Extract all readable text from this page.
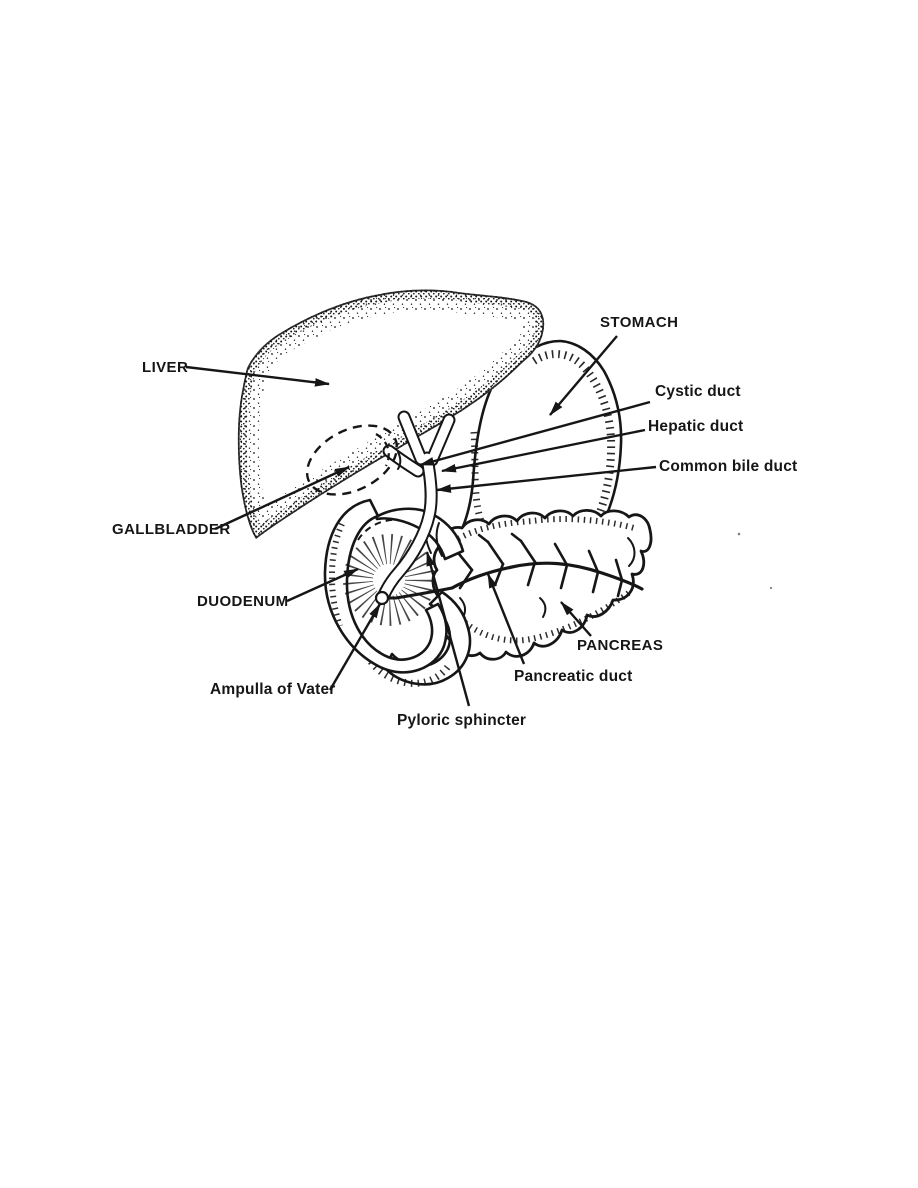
LIVER
STOMACH
Cystic duct
Hepatic duct
Common bile duct
GALLBLADDER
DUODENUM
PANCREAS
Pancreatic duct
Ampulla of Vater
Pyloric sphincter
